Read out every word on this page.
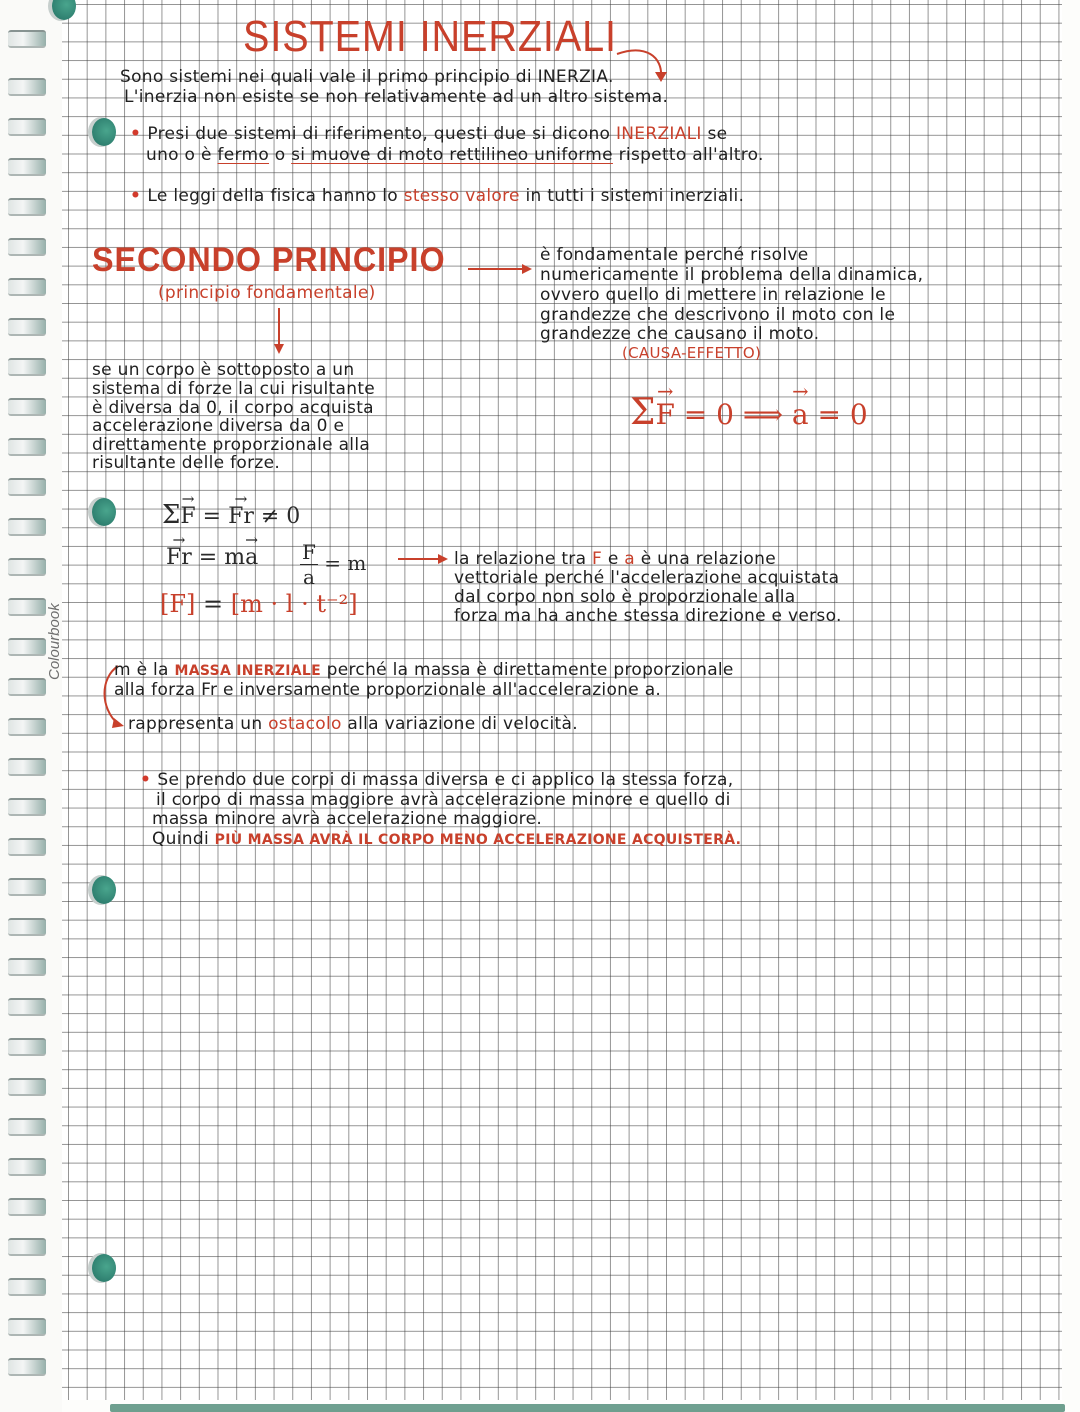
Colourbook
SISTEMI INERZIALI
Sono sistemi nei quali vale il primo principio di INERZIA.
L'inerzia non esiste se non relativamente ad un altro sistema.
• Presi due sistemi di riferimento, questi due si dicono INERZIALI se
uno o è fermo o si muove di moto rettilineo uniforme rispetto all'altro.
• Le leggi della fisica hanno lo stesso valore in tutti i sistemi inerziali.
SECONDO PRINCIPIO
(principio fondamentale)
è fondamentale perché risolve
numericamente il problema della dinamica,
ovvero quello di mettere in relazione le
grandezze che descrivono il moto con le
grandezze che causano il moto.
(CAUSA-EFFETTO)
se un corpo è sottoposto a un
sistema di forze la cui risultante
è diversa da 0, il corpo acquista
accelerazione diversa da 0 e
direttamente proporzionale alla
risultante delle forze.
Σ→ F = 0 ⟹ → a = 0
Σ→ F = → Fr ≠ 0
→ Fr = m→ a $\frac{F}{a} = m$
[F] = [m · l · t⁻²]
la relazione tra F e a è una relazione
vettoriale perché l'accelerazione acquistata
dal corpo non solo è proporzionale alla
forza ma ha anche stessa direzione e verso.
m è la MASSA INERZIALE perché la massa è direttamente proporzionale
alla forza Fr e inversamente proporzionale all'accelerazione a.
rappresenta un ostacolo alla variazione di velocità.
• Se prendo due corpi di massa diversa e ci applico la stessa forza,
il corpo di massa maggiore avrà accelerazione minore e quello di
massa minore avrà accelerazione maggiore.
Quindi PIÙ MASSA AVRÀ IL CORPO MENO ACCELERAZIONE ACQUISTERÀ.
